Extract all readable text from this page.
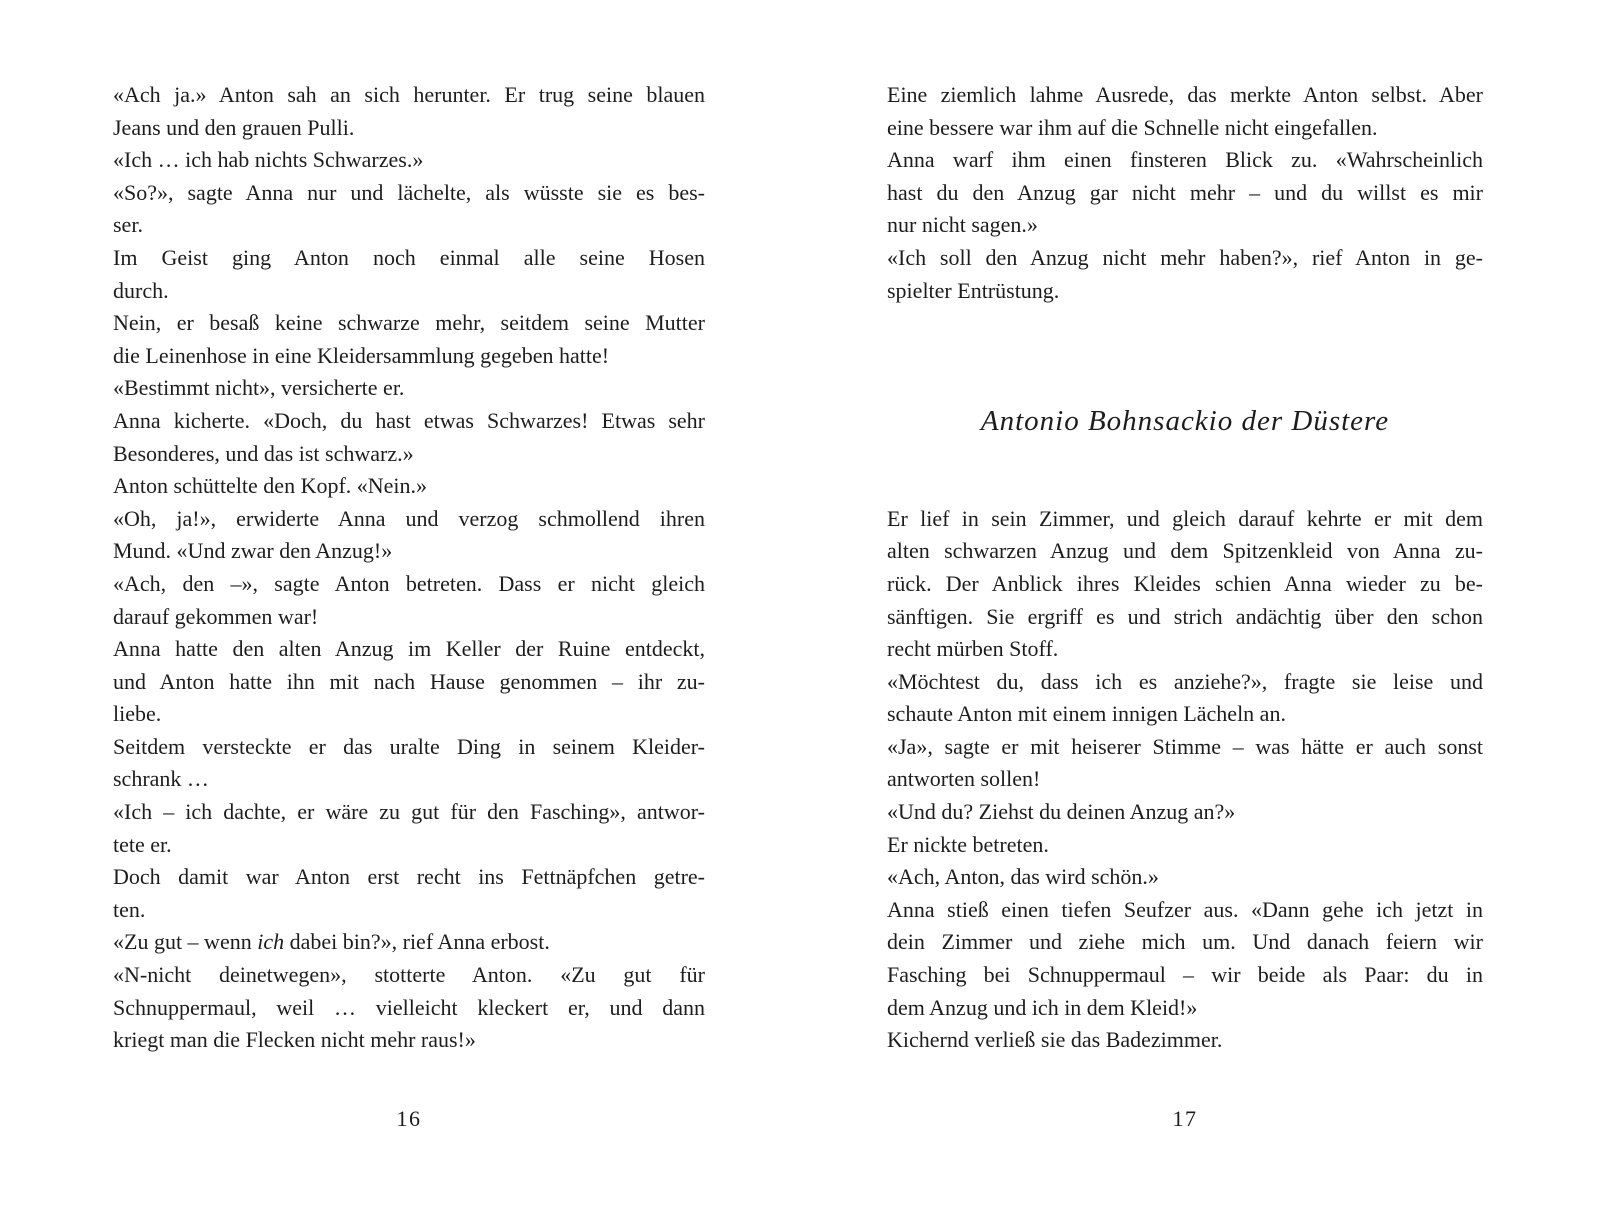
«Ach ja.» Anton sah an sich herunter. Er trug seine blauen
Jeans und den grauen Pulli.
«Ich … ich hab nichts Schwarzes.»
«So?», sagte Anna nur und lächelte, als wüsste sie es bes-
ser.
Im Geist ging Anton noch einmal alle seine Hosen
durch.
Nein, er besaß keine schwarze mehr, seitdem seine Mutter
die Leinenhose in eine Kleidersammlung gegeben hatte!
«Bestimmt nicht», versicherte er.
Anna kicherte. «Doch, du hast etwas Schwarzes! Etwas sehr
Besonderes, und das ist schwarz.»
Anton schüttelte den Kopf. «Nein.»
«Oh, ja!», erwiderte Anna und verzog schmollend ihren
Mund. «Und zwar den Anzug!»
«Ach, den –», sagte Anton betreten. Dass er nicht gleich
darauf gekommen war!
Anna hatte den alten Anzug im Keller der Ruine entdeckt,
und Anton hatte ihn mit nach Hause genommen – ihr zu-
liebe.
Seitdem versteckte er das uralte Ding in seinem Kleider-
schrank …
«Ich – ich dachte, er wäre zu gut für den Fasching», antwor-
tete er.
Doch damit war Anton erst recht ins Fettnäpfchen getre-
ten.
«Zu gut – wenn ich dabei bin?», rief Anna erbost.
«N-nicht deinetwegen», stotterte Anton. «Zu gut für
Schnuppermaul, weil … vielleicht kleckert er, und dann
kriegt man die Flecken nicht mehr raus!»
16
Eine ziemlich lahme Ausrede, das merkte Anton selbst. Aber
eine bessere war ihm auf die Schnelle nicht eingefallen.
Anna warf ihm einen finsteren Blick zu. «Wahrscheinlich
hast du den Anzug gar nicht mehr – und du willst es mir
nur nicht sagen.»
«Ich soll den Anzug nicht mehr haben?», rief Anton in ge-
spielter Entrüstung.
Antonio Bohnsackio der Düstere
Er lief in sein Zimmer, und gleich darauf kehrte er mit dem
alten schwarzen Anzug und dem Spitzenkleid von Anna zu-
rück. Der Anblick ihres Kleides schien Anna wieder zu be-
sänftigen. Sie ergriff es und strich andächtig über den schon
recht mürben Stoff.
«Möchtest du, dass ich es anziehe?», fragte sie leise und
schaute Anton mit einem innigen Lächeln an.
«Ja», sagte er mit heiserer Stimme – was hätte er auch sonst
antworten sollen!
«Und du? Ziehst du deinen Anzug an?»
Er nickte betreten.
«Ach, Anton, das wird schön.»
Anna stieß einen tiefen Seufzer aus. «Dann gehe ich jetzt in
dein Zimmer und ziehe mich um. Und danach feiern wir
Fasching bei Schnuppermaul – wir beide als Paar: du in
dem Anzug und ich in dem Kleid!»
Kichernd verließ sie das Badezimmer.
17
